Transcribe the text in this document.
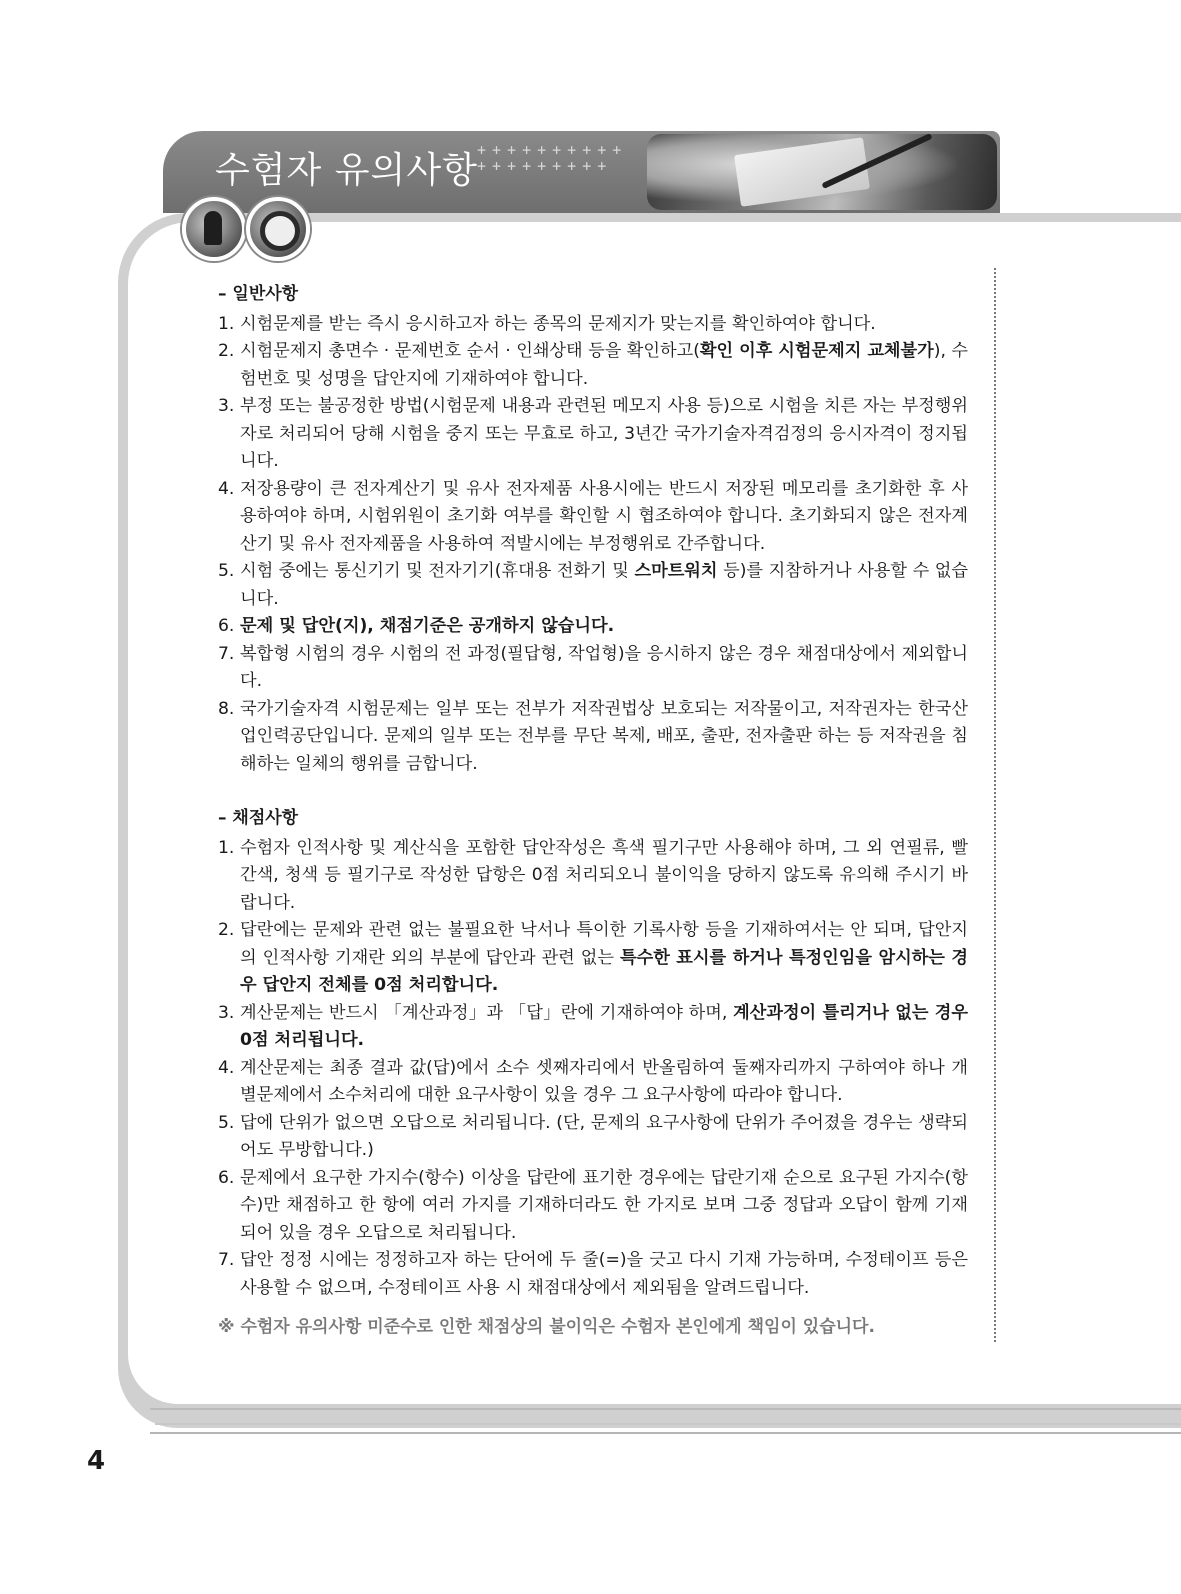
수험자 유의사항 ++++++++++
+++++++++
– 일반사항
1. 시험문제를 받는 즉시 응시하고자 하는 종목의 문제지가 맞는지를 확인하여야 합니다.
2. 시험문제지 총면수 · 문제번호 순서 · 인쇄상태 등을 확인하고(확인 이후 시험문제지 교체불가), 수험번호 및 성명을 답안지에 기재하여야 합니다.
3. 부정 또는 불공정한 방법(시험문제 내용과 관련된 메모지 사용 등)으로 시험을 치른 자는 부정행위자로 처리되어 당해 시험을 중지 또는 무효로 하고, 3년간 국가기술자격검정의 응시자격이 정지됩니다.
4. 저장용량이 큰 전자계산기 및 유사 전자제품 사용시에는 반드시 저장된 메모리를 초기화한 후 사용하여야 하며, 시험위원이 초기화 여부를 확인할 시 협조하여야 합니다. 초기화되지 않은 전자계산기 및 유사 전자제품을 사용하여 적발시에는 부정행위로 간주합니다.
5. 시험 중에는 통신기기 및 전자기기(휴대용 전화기 및 스마트워치 등)를 지참하거나 사용할 수 없습니다.
6. 문제 및 답안(지), 채점기준은 공개하지 않습니다.
7. 복합형 시험의 경우 시험의 전 과정(필답형, 작업형)을 응시하지 않은 경우 채점대상에서 제외합니다.
8. 국가기술자격 시험문제는 일부 또는 전부가 저작권법상 보호되는 저작물이고, 저작권자는 한국산업인력공단입니다. 문제의 일부 또는 전부를 무단 복제, 배포, 출판, 전자출판 하는 등 저작권을 침해하는 일체의 행위를 금합니다.
– 채점사항
1. 수험자 인적사항 및 계산식을 포함한 답안작성은 흑색 필기구만 사용해야 하며, 그 외 연필류, 빨간색, 청색 등 필기구로 작성한 답항은 0점 처리되오니 불이익을 당하지 않도록 유의해 주시기 바랍니다.
2. 답란에는 문제와 관련 없는 불필요한 낙서나 특이한 기록사항 등을 기재하여서는 안 되며, 답안지의 인적사항 기재란 외의 부분에 답안과 관련 없는 특수한 표시를 하거나 특정인임을 암시하는 경우 답안지 전체를 0점 처리합니다.
3. 계산문제는 반드시 「계산과정」과 「답」란에 기재하여야 하며, 계산과정이 틀리거나 없는 경우 0점 처리됩니다.
4. 계산문제는 최종 결과 값(답)에서 소수 셋째자리에서 반올림하여 둘째자리까지 구하여야 하나 개별문제에서 소수처리에 대한 요구사항이 있을 경우 그 요구사항에 따라야 합니다.
5. 답에 단위가 없으면 오답으로 처리됩니다. (단, 문제의 요구사항에 단위가 주어졌을 경우는 생략되어도 무방합니다.)
6. 문제에서 요구한 가지수(항수) 이상을 답란에 표기한 경우에는 답란기재 순으로 요구된 가지수(항수)만 채점하고 한 항에 여러 가지를 기재하더라도 한 가지로 보며 그중 정답과 오답이 함께 기재되어 있을 경우 오답으로 처리됩니다.
7. 답안 정정 시에는 정정하고자 하는 단어에 두 줄(=)을 긋고 다시 기재 가능하며, 수정테이프 등은 사용할 수 없으며, 수정테이프 사용 시 채점대상에서 제외됨을 알려드립니다.
※ 수험자 유의사항 미준수로 인한 채점상의 불이익은 수험자 본인에게 책임이 있습니다.
4
